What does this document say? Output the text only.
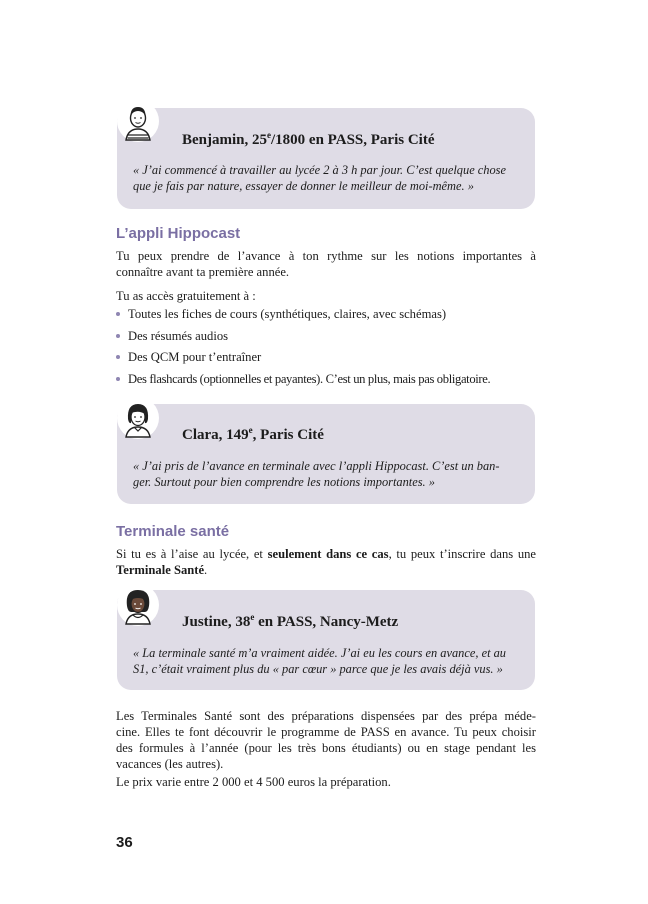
Benjamin, 25e/1800 en PASS, Paris Cité
« J’ai commencé à travailler au lycée 2 à 3 h par jour. C’est quelque chose
que je fais par nature, essayer de donner le meilleur de moi-même. »
L’appli Hippocast
Tu peux prendre de l’avance à ton rythme sur les notions importantes à
connaître avant ta première année.
Tu as accès gratuitement à :
Toutes les fiches de cours (synthétiques, claires, avec schémas)
Des résumés audios
Des QCM pour t’entraîner
Des flashcards (optionnelles et payantes). C’est un plus, mais pas obligatoire.
Clara, 149e, Paris Cité
« J’ai pris de l’avance en terminale avec l’appli Hippocast. C’est un ban-
ger. Surtout pour bien comprendre les notions importantes. »
Terminale santé
Si tu es à l’aise au lycée, et seulement dans ce cas, tu peux t’inscrire dans une
Terminale Santé.
Justine, 38e en PASS, Nancy-Metz
« La terminale santé m’a vraiment aidée. J’ai eu les cours en avance, et au
S1, c’était vraiment plus du « par cœur » parce que je les avais déjà vus. »
Les Terminales Santé sont des préparations dispensées par des prépa méde-
cine. Elles te font découvrir le programme de PASS en avance. Tu peux choisir
des formules à l’année (pour les très bons étudiants) ou en stage pendant les
vacances (les autres).
Le prix varie entre 2 000 et 4 500 euros la préparation.
36
